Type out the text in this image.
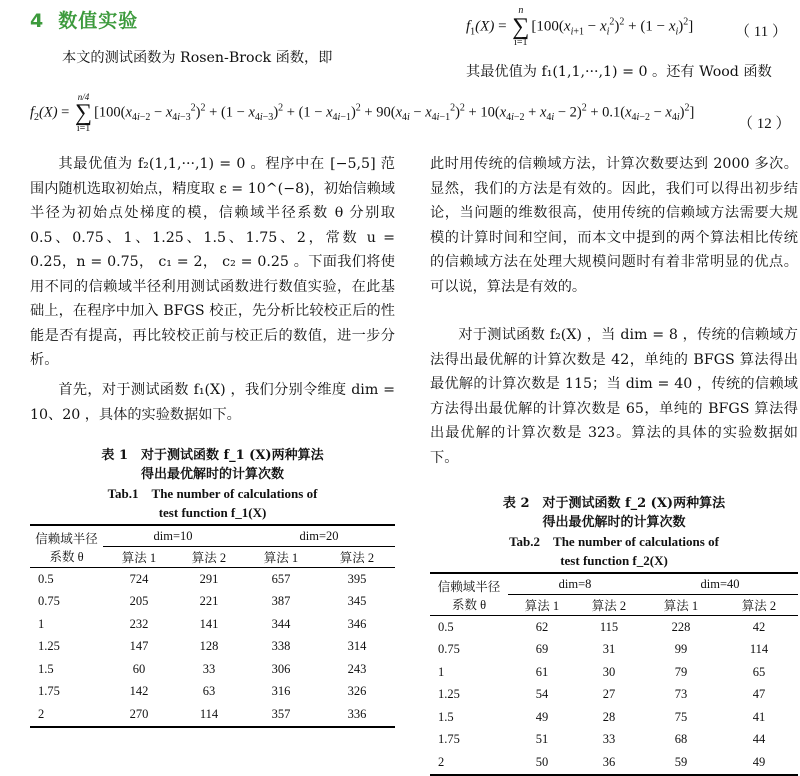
4 数值实验
本文的测试函数为 Rosen-Brock 函数，即
$f_1(X)$ =
n
∑
i=1
$[100(x_{i+1} - x_i^2)^2 + (1 - x_i)^2]$	（ 11 ）
其最优值为 f₁(1,1,···,1) = 0 。还有 Wood 函数
$f_2(X)$ =
n/4
∑
i=1
$[100(x_{4i-2} - x_{4i-3}^2)^2 + (1 - x_{4i-3})^2 + (1 - x_{4i-1})^2 + 90(x_{4i} - x_{4i-1}^2)^2 + 10(x_{4i-2} + x_{4i} - 2)^2 + 0.1(x_{4i-2} - x_{4i})^2]$
（ 12 ）
其最优值为 f₂(1,1,···,1) = 0 。程序中在 [−5,5] 范围内随机选取初始点，精度取 ε = 10^(−8)，初始信赖域半径为初始点处梯度的模，信赖域半径系数 θ 分别取 0.5、0.75、1、1.25、1.5、1.75、2，常数 u = 0.25，n = 0.75， c₁ = 2， c₂ = 0.25 。下面我们将使用不同的信赖域半径利用测试函数进行数值实验，在此基础上，在程序中加入 BFGS 校正，先分析比较校正后的性能是否有提高，再比较校正前与校正后的数值，进一步分析。
首先，对于测试函数 f₁(X) ，我们分别令维度 dim = 10、20 ，具体的实验数据如下。
此时用传统的信赖域方法，计算次数要达到 2000 多次。显然，我们的方法是有效的。因此，我们可以得出初步结论，当问题的维数很高，使用传统的信赖域方法需要大规模的计算时间和空间，而本文中提到的两个算法相比传统的信赖域方法在处理大规模问题时有着非常明显的优点。可以说，算法是有效的。
对于测试函数 f₂(X) ，当 dim = 8 ，传统的信赖域方法得出最优解的计算次数是 42，单纯的 BFGS 算法得出最优解的计算次数是 115；当 dim = 40 ，传统的信赖域方法得出最优解的计算次数是 65，单纯的 BFGS 算法得出最优解的计算次数是 323。算法的具体的实验数据如下。
表 1　对于测试函数 f_1 (X)两种算法
得出最优解时的计算次数
Tab.1　The number of calculations of
test function f_1(X)
信赖域半径
系数 θ	dim=10		dim=20	
	算法 1	算法 2	算法 1	算法 2
0.5	724	291	657	395
0.75	205	221	387	345
1	232	141	344	346
1.25	147	128	338	314
1.5	60	33	306	243
1.75	142	63	316	326
2	270	114	357	336
表 2　对于测试函数 f_2 (X)两种算法
得出最优解时的计算次数
Tab.2　The number of calculations of
test function f_2(X)
信赖域半径
系数 θ	dim=8		dim=40	
	算法 1	算法 2	算法 1	算法 2
0.5	62	115	228	42
0.75	69	31	99	114
1	61	30	79	65
1.25	54	27	73	47
1.5	49	28	75	41
1.75	51	33	68	44
2	50	36	59	49
